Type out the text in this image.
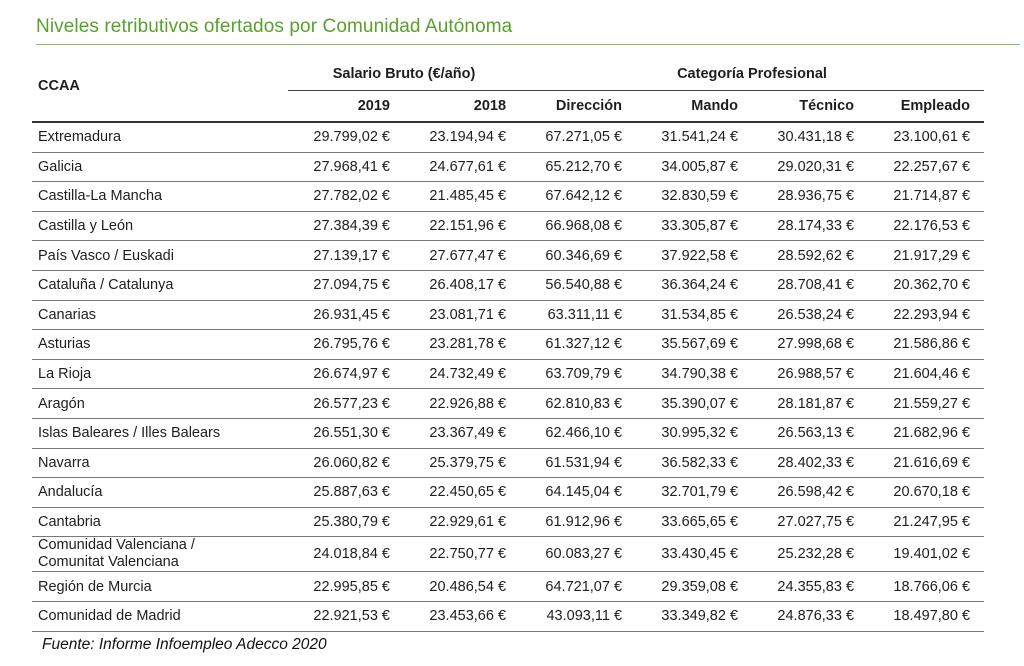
Niveles retributivos ofertados por Comunidad Autónoma
CCAA	Salario Bruto (€/año)		Categoría Profesional			
	2019	2018	Dirección	Mando	Técnico	Empleado
Extremadura	29.799,02 €	23.194,94 €	67.271,05 €	31.541,24 €	30.431,18 €	23.100,61 €
Galicia	27.968,41 €	24.677,61 €	65.212,70 €	34.005,87 €	29.020,31 €	22.257,67 €
Castilla-La Mancha	27.782,02 €	21.485,45 €	67.642,12 €	32.830,59 €	28.936,75 €	21.714,87 €
Castilla y León	27.384,39 €	22.151,96 €	66.968,08 €	33.305,87 €	28.174,33 €	22.176,53 €
País Vasco / Euskadi	27.139,17 €	27.677,47 €	60.346,69 €	37.922,58 €	28.592,62 €	21.917,29 €
Cataluña / Catalunya	27.094,75 €	26.408,17 €	56.540,88 €	36.364,24 €	28.708,41 €	20.362,70 €
Canarias	26.931,45 €	23.081,71 €	63.311,11 €	31.534,85 €	26.538,24 €	22.293,94 €
Asturias	26.795,76 €	23.281,78 €	61.327,12 €	35.567,69 €	27.998,68 €	21.586,86 €
La Rioja	26.674,97 €	24.732,49 €	63.709,79 €	34.790,38 €	26.988,57 €	21.604,46 €
Aragón	26.577,23 €	22.926,88 €	62.810,83 €	35.390,07 €	28.181,87 €	21.559,27 €
Islas Baleares / Illes Balears	26.551,30 €	23.367,49 €	62.466,10 €	30.995,32 €	26.563,13 €	21.682,96 €
Navarra	26.060,82 €	25.379,75 €	61.531,94 €	36.582,33 €	28.402,33 €	21.616,69 €
Andalucía	25.887,63 €	22.450,65 €	64.145,04 €	32.701,79 €	26.598,42 €	20.670,18 €
Cantabria	25.380,79 €	22.929,61 €	61.912,96 €	33.665,65 €	27.027,75 €	21.247,95 €
Comunidad Valenciana /
Comunitat Valenciana	24.018,84 €	22.750,77 €	60.083,27 €	33.430,45 €	25.232,28 €	19.401,02 €
Región de Murcia	22.995,85 €	20.486,54 €	64.721,07 €	29.359,08 €	24.355,83 €	18.766,06 €
Comunidad de Madrid	22.921,53 €	23.453,66 €	43.093,11 €	33.349,82 €	24.876,33 €	18.497,80 €
Fuente: Informe Infoempleo Adecco 2020
